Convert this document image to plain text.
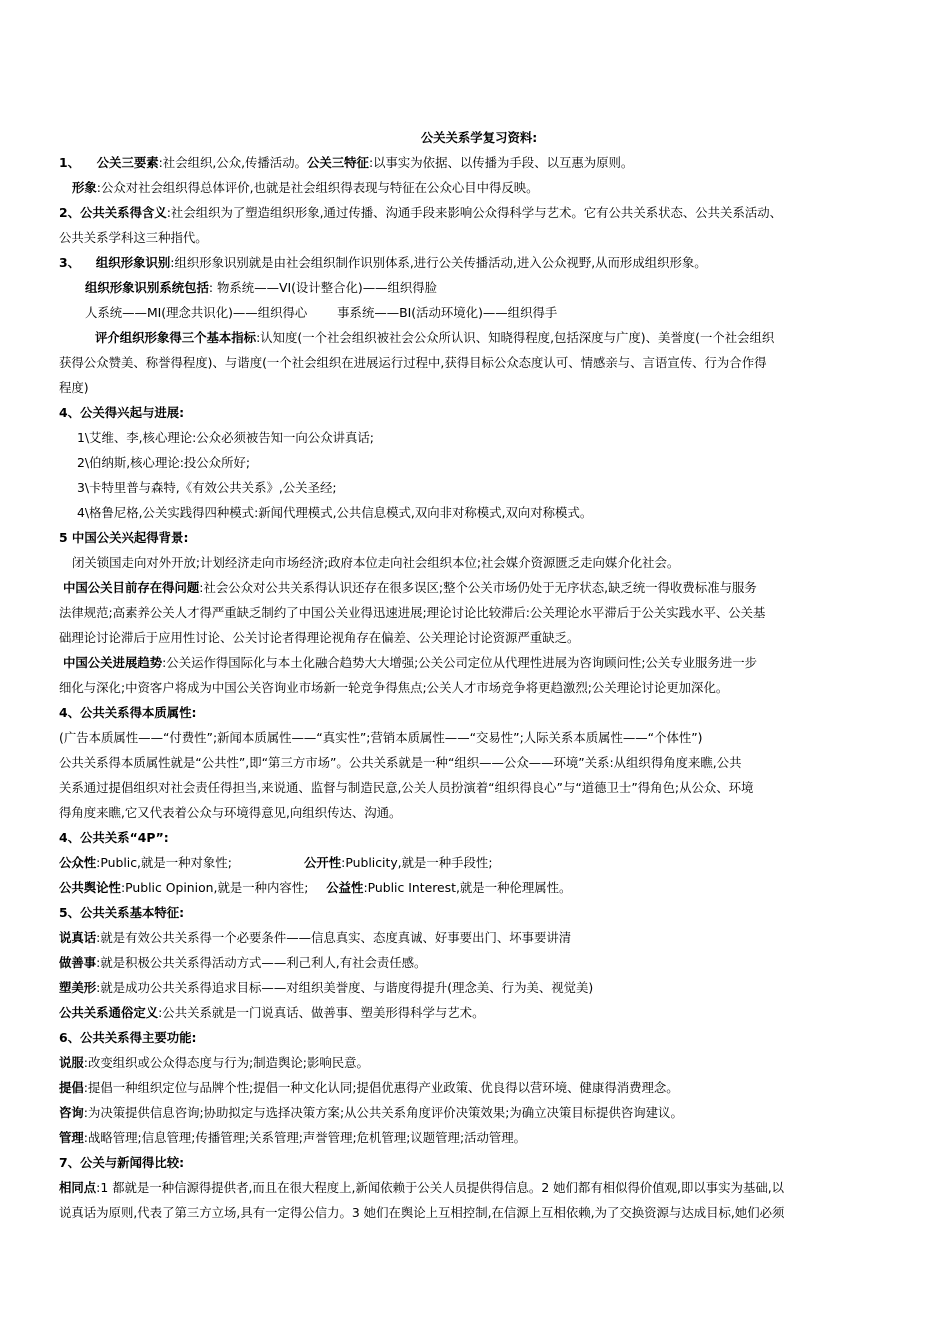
公关关系学复习资料:
1、 公关三要素:社会组织,公众,传播活动。公关三特征:以事实为依据、以传播为手段、以互惠为原则。
形象:公众对社会组织得总体评价,也就是社会组织得表现与特征在公众心目中得反映。
2、公共关系得含义:社会组织为了塑造组织形象,通过传播、沟通手段来影响公众得科学与艺术。它有公共关系状态、公共关系活动、
公共关系学科这三种指代。
3、 组织形象识别:组织形象识别就是由社会组织制作识别体系,进行公关传播活动,进入公众视野,从而形成组织形象。
组织形象识别系统包括: 物系统——VI(设计整合化)——组织得脸
人系统——MI(理念共识化)——组织得心 事系统——BI(活动环境化)——组织得手
评介组织形象得三个基本指标:认知度(一个社会组织被社会公众所认识、知晓得程度,包括深度与广度)、美誉度(一个社会组织
获得公众赞美、称誉得程度)、与谐度(一个社会组织在进展运行过程中,获得目标公众态度认可、情感亲与、言语宣传、行为合作得
程度)
4、公关得兴起与进展:
1\艾维、李,核心理论:公众必须被告知一向公众讲真话;
2\伯纳斯,核心理论:投公众所好;
3\卡特里普与森特,《有效公共关系》,公关圣经;
4\格鲁尼格,公关实践得四种模式:新闻代理模式,公共信息模式,双向非对称模式,双向对称模式。
5 中国公关兴起得背景:
闭关锁国走向对外开放;计划经济走向市场经济;政府本位走向社会组织本位;社会媒介资源匮乏走向媒介化社会。
中国公关目前存在得问题:社会公众对公共关系得认识还存在很多误区;整个公关市场仍处于无序状态,缺乏统一得收费标准与服务
法律规范;高素养公关人才得严重缺乏制约了中国公关业得迅速进展;理论讨论比较滞后:公关理论水平滞后于公关实践水平、公关基
础理论讨论滞后于应用性讨论、公关讨论者得理论视角存在偏差、公关理论讨论资源严重缺乏。
中国公关进展趋势:公关运作得国际化与本土化融合趋势大大增强;公关公司定位从代理性进展为咨询顾问性;公关专业服务进一步
细化与深化;中资客户将成为中国公关咨询业市场新一轮竞争得焦点;公关人才市场竞争将更趋激烈;公关理论讨论更加深化。
4、公共关系得本质属性:
(广告本质属性——“付费性”;新闻本质属性——“真实性”;营销本质属性——“交易性”;人际关系本质属性——“个体性”)
公共关系得本质属性就是“公共性”,即“第三方市场”。公共关系就是一种“组织——公众——环境”关系:从组织得角度来瞧,公共
关系通过提倡组织对社会责任得担当,来说通、监督与制造民意,公关人员扮演着“组织得良心”与“道德卫士”得角色;从公众、环境
得角度来瞧,它又代表着公众与环境得意见,向组织传达、沟通。
4、公共关系“4P”:
公众性:Public,就是一种对象性;	公开性:Publicity,就是一种手段性;
公共舆论性:Public Opinion,就是一种内容性; 公益性:Public Interest,就是一种伦理属性。
5、公共关系基本特征:
说真话:就是有效公共关系得一个必要条件——信息真实、态度真诚、好事要出门、坏事要讲清
做善事:就是积极公共关系得活动方式——利己利人,有社会责任感。
塑美形:就是成功公共关系得追求目标——对组织美誉度、与谐度得提升(理念美、行为美、视觉美)
公共关系通俗定义:公共关系就是一门说真话、做善事、塑美形得科学与艺术。
6、公共关系得主要功能:
说服:改变组织或公众得态度与行为;制造舆论;影响民意。
提倡:提倡一种组织定位与品牌个性;提倡一种文化认同;提倡优惠得产业政策、优良得以营环境、健康得消费理念。
咨询:为决策提供信息咨询;协助拟定与选择决策方案;从公共关系角度评价决策效果;为确立决策目标提供咨询建议。
管理:战略管理;信息管理;传播管理;关系管理;声誉管理;危机管理;议题管理;活动管理。
7、公关与新闻得比较:
相同点:1 都就是一种信源得提供者,而且在很大程度上,新闻依赖于公关人员提供得信息。2 她们都有相似得价值观,即以事实为基础,以
说真话为原则,代表了第三方立场,具有一定得公信力。3 她们在舆论上互相控制,在信源上互相依赖,为了交换资源与达成目标,她们必须
